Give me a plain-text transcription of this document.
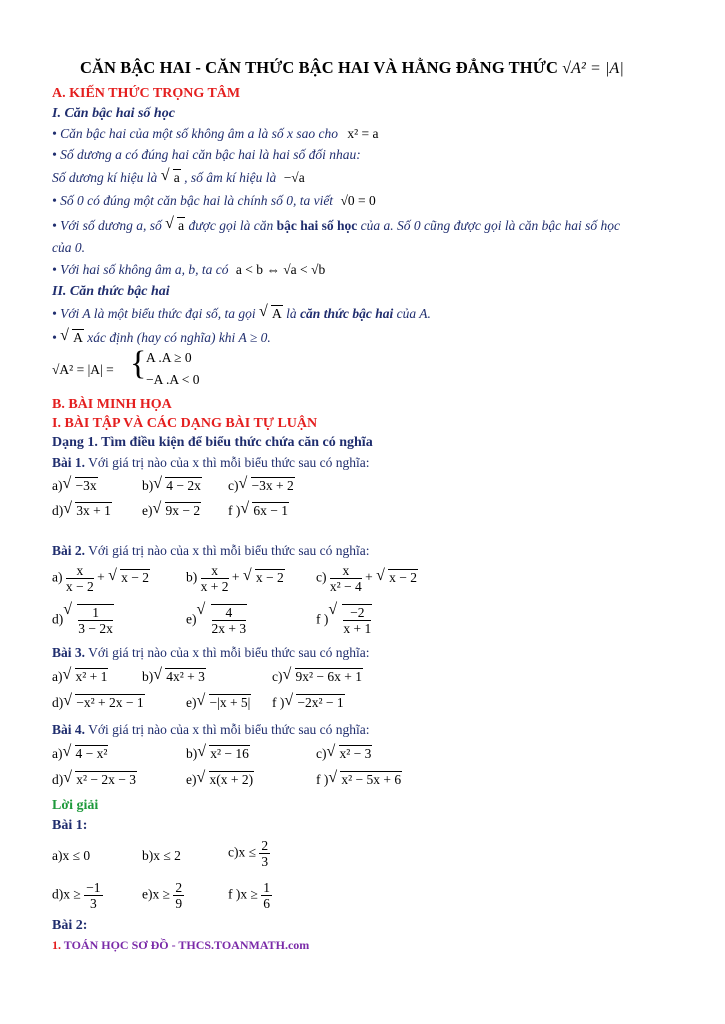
CĂN BẬC HAI - CĂN THỨC BẬC HAI VÀ HẰNG ĐẲNG THỨC √A² = |A|
A. KIẾN THỨC TRỌNG TÂM
I. Căn bậc hai số học
• Căn bậc hai của một số không âm a là số x sao cho x² = a
• Số dương a có đúng hai căn bậc hai là hai số đối nhau:
Số dương kí hiệu là √ a , số âm kí hiệu là −√a
• Số 0 có đúng một căn bậc hai là chính số 0, ta viết √0 = 0
• Với số dương a, số √ a được gọi là căn bậc hai số học của a. Số 0 cũng được gọi là căn bậc hai số học
của 0.
• Với hai số không âm a, b, ta có a < b ⇔ √a < √b
II. Căn thức bậc hai
• Với A là một biểu thức đại số, ta gọi √ A là căn thức bậc hai của A.
• √ A xác định (hay có nghĩa) khi A ≥ 0.
√A² = |A| = { A .A ≥ 0
−A .A < 0
B. BÀI MINH HỌA
I. BÀI TẬP VÀ CÁC DẠNG BÀI TỰ LUẬN
Dạng 1. Tìm điều kiện để biểu thức chứa căn có nghĩa
Bài 1. Với giá trị nào của x thì mỗi biểu thức sau có nghĩa:
a) √ −3x	b) √ 4 − 2x c) √ −3x + 2
d) √ 3x + 1 e) √ 9x − 2 f ) √ 6x − 1
Bài 2. Với giá trị nào của x thì mỗi biểu thức sau có nghĩa:
$a) \frac{x}{x - 2}$ + √ x − 2	$b) \frac{x}{x + 2}$ + √ x − 2 $c) \frac{x}{\text{x² − 4}}$ + √ x − 2
d) √ $\frac{1}{3 - 2x}$	e) √ $\frac{4}{2x + 3}$	f ) √ $\frac{-2}{x + 1}$
Bài 3. Với giá trị nào của x thì mỗi biểu thức sau có nghĩa:
a) √ x² + 1	b) √ 4x² + 3	c) √ 9x² − 6x + 1
d) √ −x² + 2x − 1	e) √ −|x + 5| f ) √ −2x² − 1
Bài 4. Với giá trị nào của x thì mỗi biểu thức sau có nghĩa:
a) √ 4 − x²	b) √ x² − 16	c) √ x² − 3
d) √ x² − 2x − 3	e) √ x(x + 2)	f ) √ x² − 5x + 6
Lời giải
Bài 1:
a)x ≤ 0	b)x ≤ 2	$c)x \le \frac{2}{3}$
$d)x \ge \frac{-1}{3}$	$e)x \ge \frac{2}{9}$	f )$x \ge \frac{1}{6}$
Bài 2:
1. TOÁN HỌC SƠ ĐỒ - THCS.TOANMATH.com
